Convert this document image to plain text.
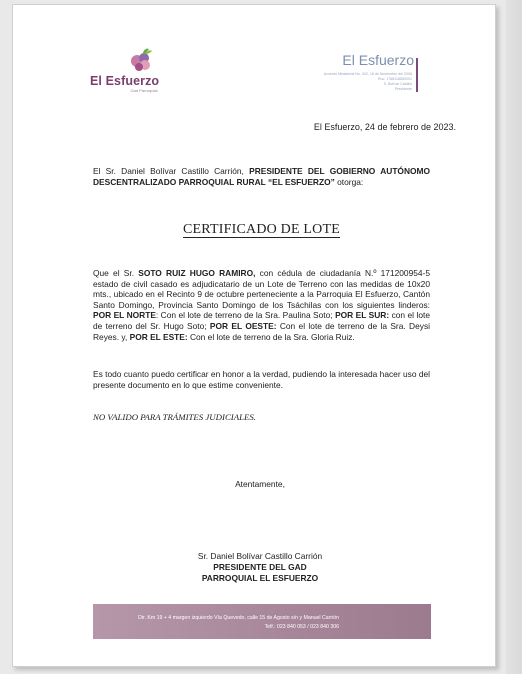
El Esfuerzo
Gad Parroquial
El Esfuerzo
Acuerdo Ministerial No. 302, 16 de Noviembre del 2008
Ruc: 1768118850001
S. Bolívar Castillo
Presidente
El Esfuerzo, 24 de febrero de 2023.
El Sr. Daniel Bolívar Castillo Carrión, PRESIDENTE DEL GOBIERNO AUTÓNOMO DESCENTRALIZADO PARROQUIAL RURAL “EL ESFUERZO” otorga:
CERTIFICADO DE LOTE
Que el Sr. SOTO RUIZ HUGO RAMIRO, con cédula de ciudadanía N.º 171200954-5 estado de civil casado es adjudicatario de un Lote de Terreno con las medidas de 10x20 mts., ubicado en el Recinto 9 de octubre perteneciente a la Parroquia El Esfuerzo, Cantón Santo Domingo, Provincia Santo Domingo de los Tsáchilas con los siguientes linderos: POR EL NORTE: Con el lote de terreno de la Sra. Paulina Soto; POR EL SUR: con el lote de terreno del Sr. Hugo Soto; POR EL OESTE: Con el lote de terreno de la Sra. Deysi Reyes. y, POR EL ESTE: Con el lote de terreno de la Sra. Gloria Ruiz.
Es todo cuanto puedo certificar en honor a la verdad, pudiendo la interesada hacer uso del presente documento en lo que estime conveniente.
NO VALIDO PARA TRÁMITES JUDICIALES.
Atentamente,
Sr. Daniel Bolívar Castillo Carrión
PRESIDENTE DEL GAD
PARROQUIAL EL ESFUERZO
Dir. Km 19 + 4 margen izquierdo Vía Quevedo, calle 15 de Agosto s/n y Manuel Carrión
Telf.: 023 840 053 / 023 840 306
